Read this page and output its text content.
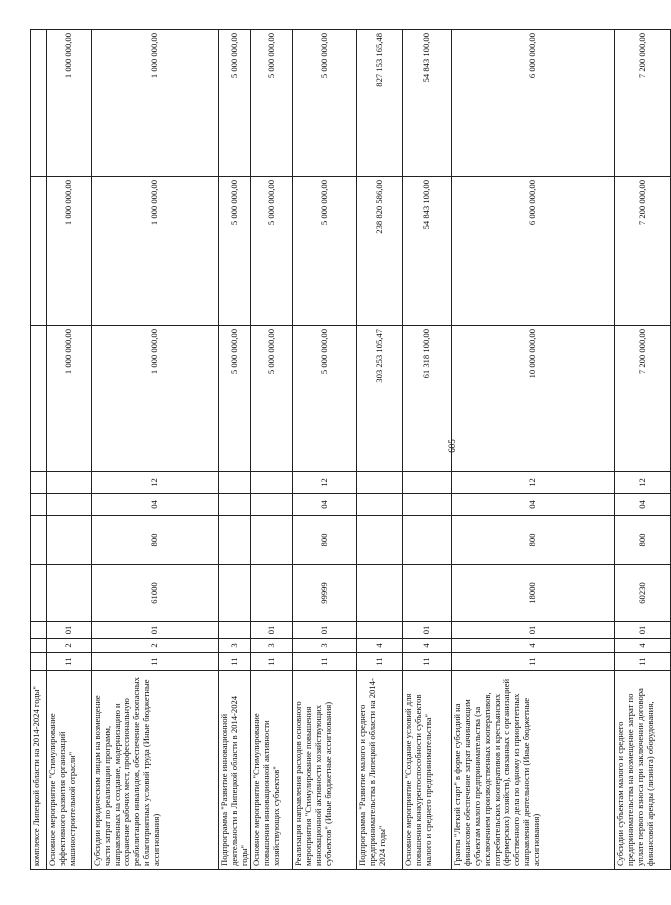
605
комплексе Липецкой области на 2014-2024 годы"										
Основное мероприятие "Стимулирование эффективного развития организаций машиностроительной отрасли"	11	2	01					1 000 000,00	1 000 000,00	1 000 000,00
Субсидии юридическим лицам на возмещение части затрат по реализации программ, направленных на создание, модернизацию и сохранение рабочих мест, профессиональную реабилитацию инвалидов, обеспечение безопасных и благоприятных условий труда (Иные бюджетные ассигнования)	11	2	01	61000	800	04	12	1 000 000,00	1 000 000,00	1 000 000,00
Подпрограмма "Развитие инновационной деятельности в Липецкой области в 2014-2024 годы"	11	3						5 000 000,00	5 000 000,00	5 000 000,00
Основное мероприятие "Стимулирование повышения инновационной активности хозяйствующих субъектов"	11	3	01					5 000 000,00	5 000 000,00	5 000 000,00
Реализация направления расходов основного мероприятия "Стимулирование повышения инновационной активности хозяйствующих субъектов" (Иные бюджетные ассигнования)	11	3	01	99999	800	04	12	5 000 000,00	5 000 000,00	5 000 000,00
Подпрограмма "Развитие малого и среднего предпринимательства в Липецкой области на 2014-2024 годы"	11	4						303 253 105,47	238 820 586,00	827 153 165,48
Основное мероприятие "Создание условий для повышения конкурентоспособности субъектов малого и среднего предпринимательства"	11	4	01					61 318 100,00	54 843 100,00	54 843 100,00
Гранты "Легкий старт" в форме субсидий на финансовое обеспечение затрат начинающим субъектам малого предпринимательства (за исключением производственных кооперативов, потребительских кооперативов и крестьянских (фермерских) хозяйств), связанных с организацией собственного дела по одному из приоритетных направлений деятельности (Иные бюджетные ассигнования)	11	4	01	18000	800	04	12	10 000 000,00	6 000 000,00	6 000 000,00
Субсидии субъектам малого и среднего предпринимательства на возмещение затрат по уплате первого взноса при заключении договора финансовой аренды (лизинга) оборудования,	11	4	01	60230	800	04	12	7 200 000,00	7 200 000,00	7 200 000,00
